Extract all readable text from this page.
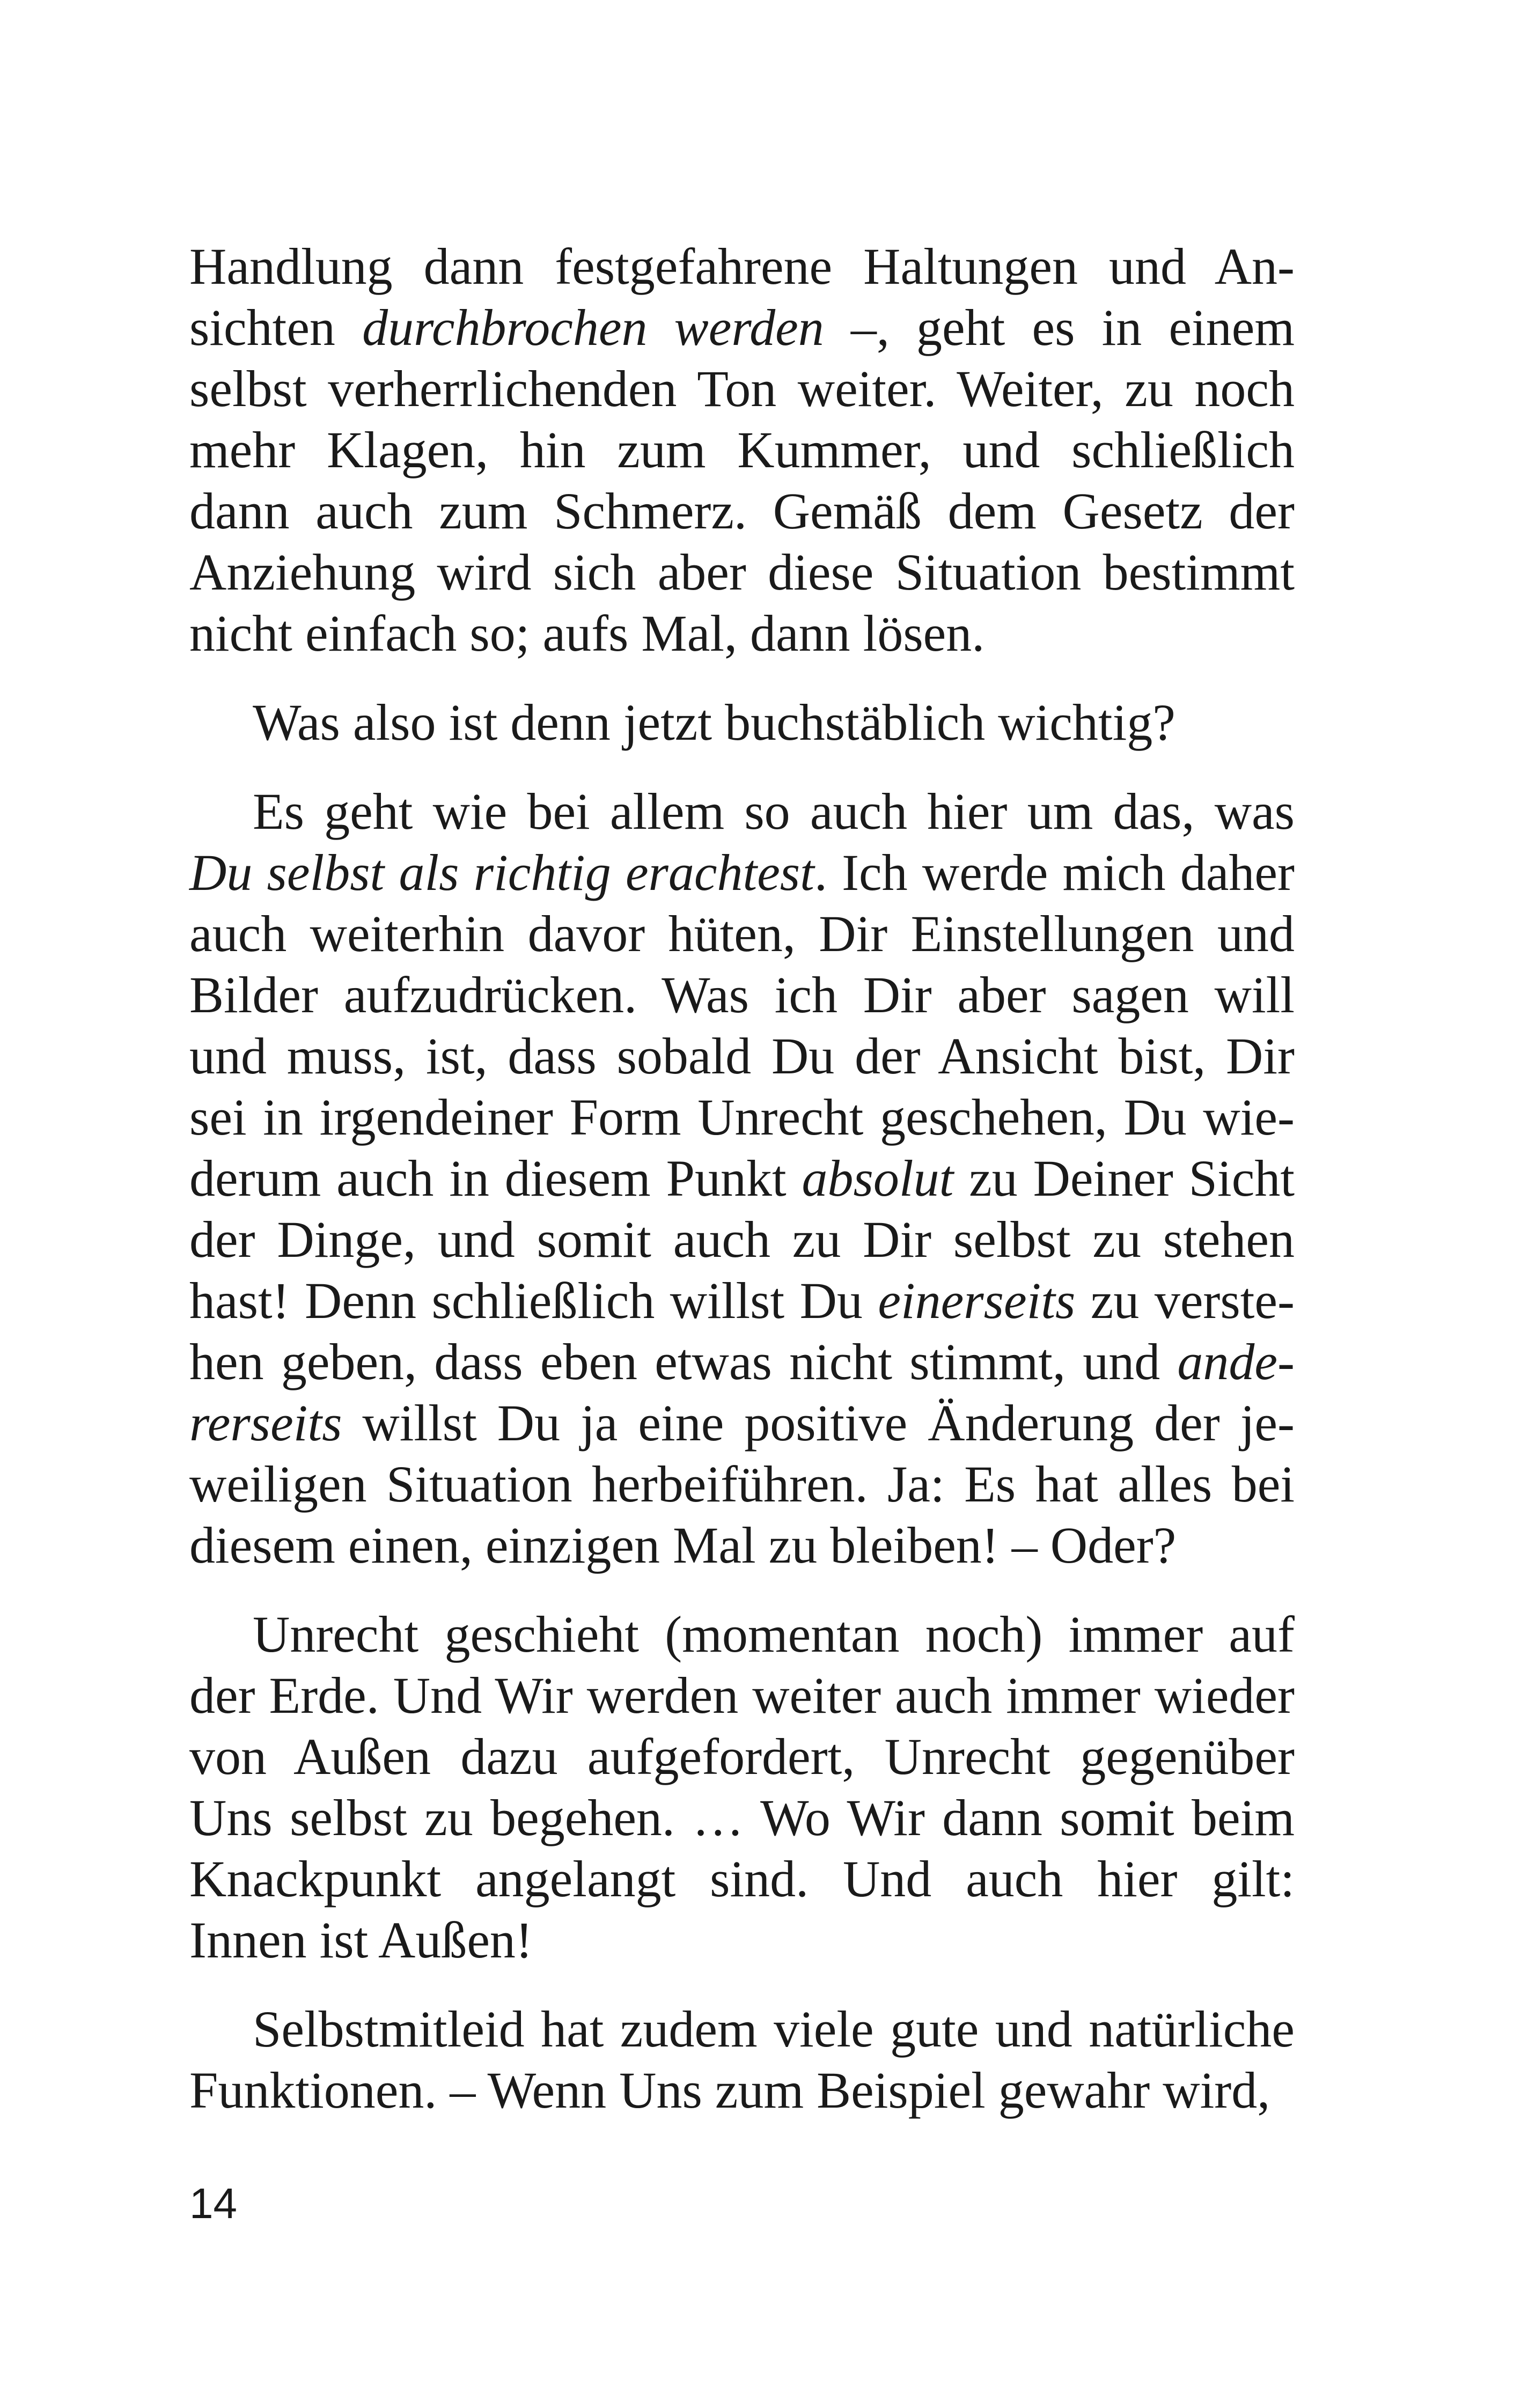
Handlung dann festgefahrene Haltungen und Ansichten durchbrochen werden –, geht es in einem selbst verherrlichenden Ton weiter. Weiter, zu noch mehr Klagen, hin zum Kummer, und schließlich dann auch zum Schmerz. Gemäß dem Gesetz der Anziehung wird sich aber diese Situation bestimmt nicht einfach so; aufs Mal, dann lösen.

Was also ist denn jetzt buchstäblich wichtig?

Es geht wie bei allem so auch hier um das, was Du selbst als richtig erachtest. Ich werde mich daher auch weiterhin davor hüten, Dir Einstellungen und Bilder aufzudrücken. Was ich Dir aber sagen will und muss, ist, dass sobald Du der Ansicht bist, Dir sei in irgendeiner Form Unrecht geschehen, Du wiederum auch in diesem Punkt absolut zu Deiner Sicht der Dinge, und somit auch zu Dir selbst zu stehen hast! Denn schließlich willst Du einerseits zu verstehen geben, dass eben etwas nicht stimmt, und andererseits willst Du ja eine positive Änderung der jeweiligen Situation herbeiführen. Ja: Es hat alles bei diesem einen, einzigen Mal zu bleiben! – Oder?

Unrecht geschieht (momentan noch) immer auf der Erde. Und Wir werden weiter auch immer wieder von Außen dazu aufgefordert, Unrecht gegenüber Uns selbst zu begehen. … Wo Wir dann somit beim Knackpunkt angelangt sind. Und auch hier gilt: Innen ist Außen!

Selbstmitleid hat zudem viele gute und natürliche Funktionen. – Wenn Uns zum Beispiel gewahr wird,

14
